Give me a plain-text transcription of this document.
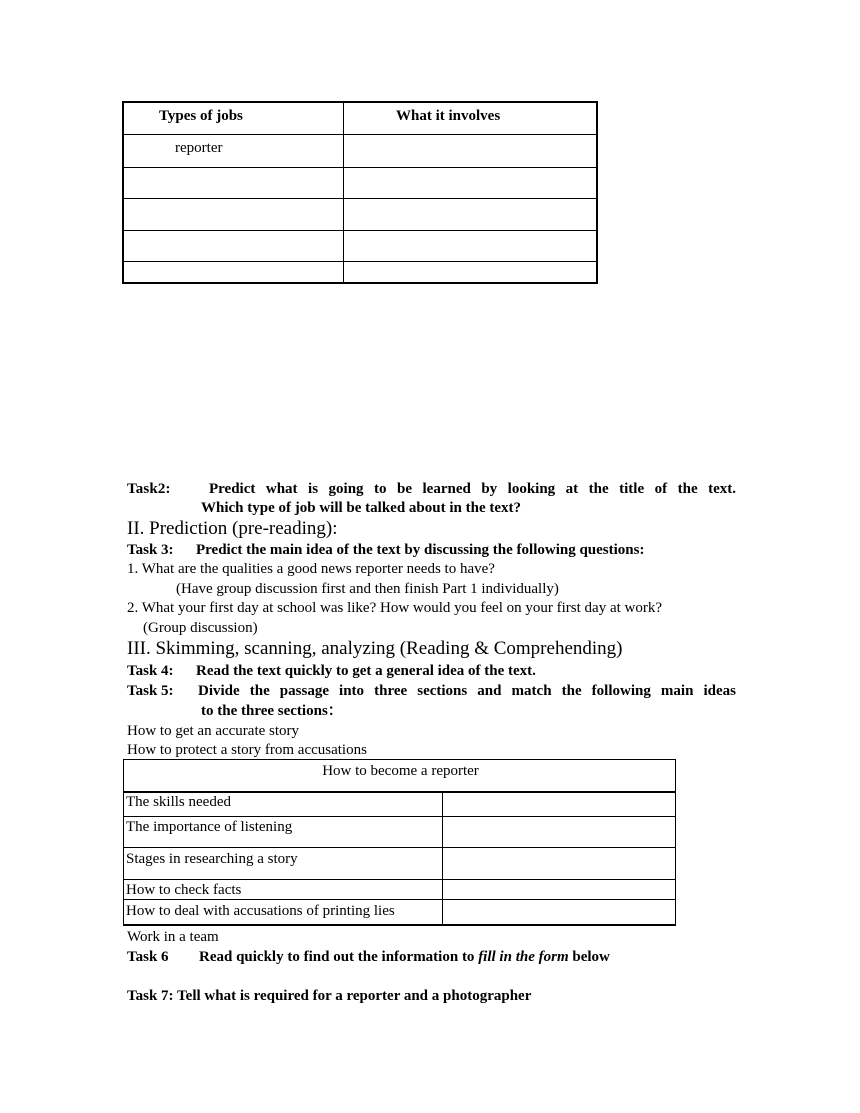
Types of jobs	What it involves
reporter
Task2:	Predict what is going to be learned by looking at the title of the text.
Which type of job will be talked about in the text?
II. Prediction (pre-reading):
Task 3: Predict the main idea of the text by discussing the following questions:
1. What are the qualities a good news reporter needs to have?
(Have group discussion first and then finish Part 1 individually)
2. What your first day at school was like? How would you feel on your first day at work?
(Group discussion)
III. Skimming, scanning, analyzing (Reading & Comprehending)
Task 4: Read the text quickly to get a general idea of the text.
Task 5: Divide the passage into three sections and match the following main ideas
to the three sections：
How to get an accurate story
How to protect a story from accusations
How to become a reporter
The skills needed
The importance of listening
Stages in researching a story
How to check facts
How to deal with accusations of printing lies
Work in a team
Task 6 Read quickly to find out the information to fill in the form below
Task 7: Tell what is required for a reporter and a photographer
